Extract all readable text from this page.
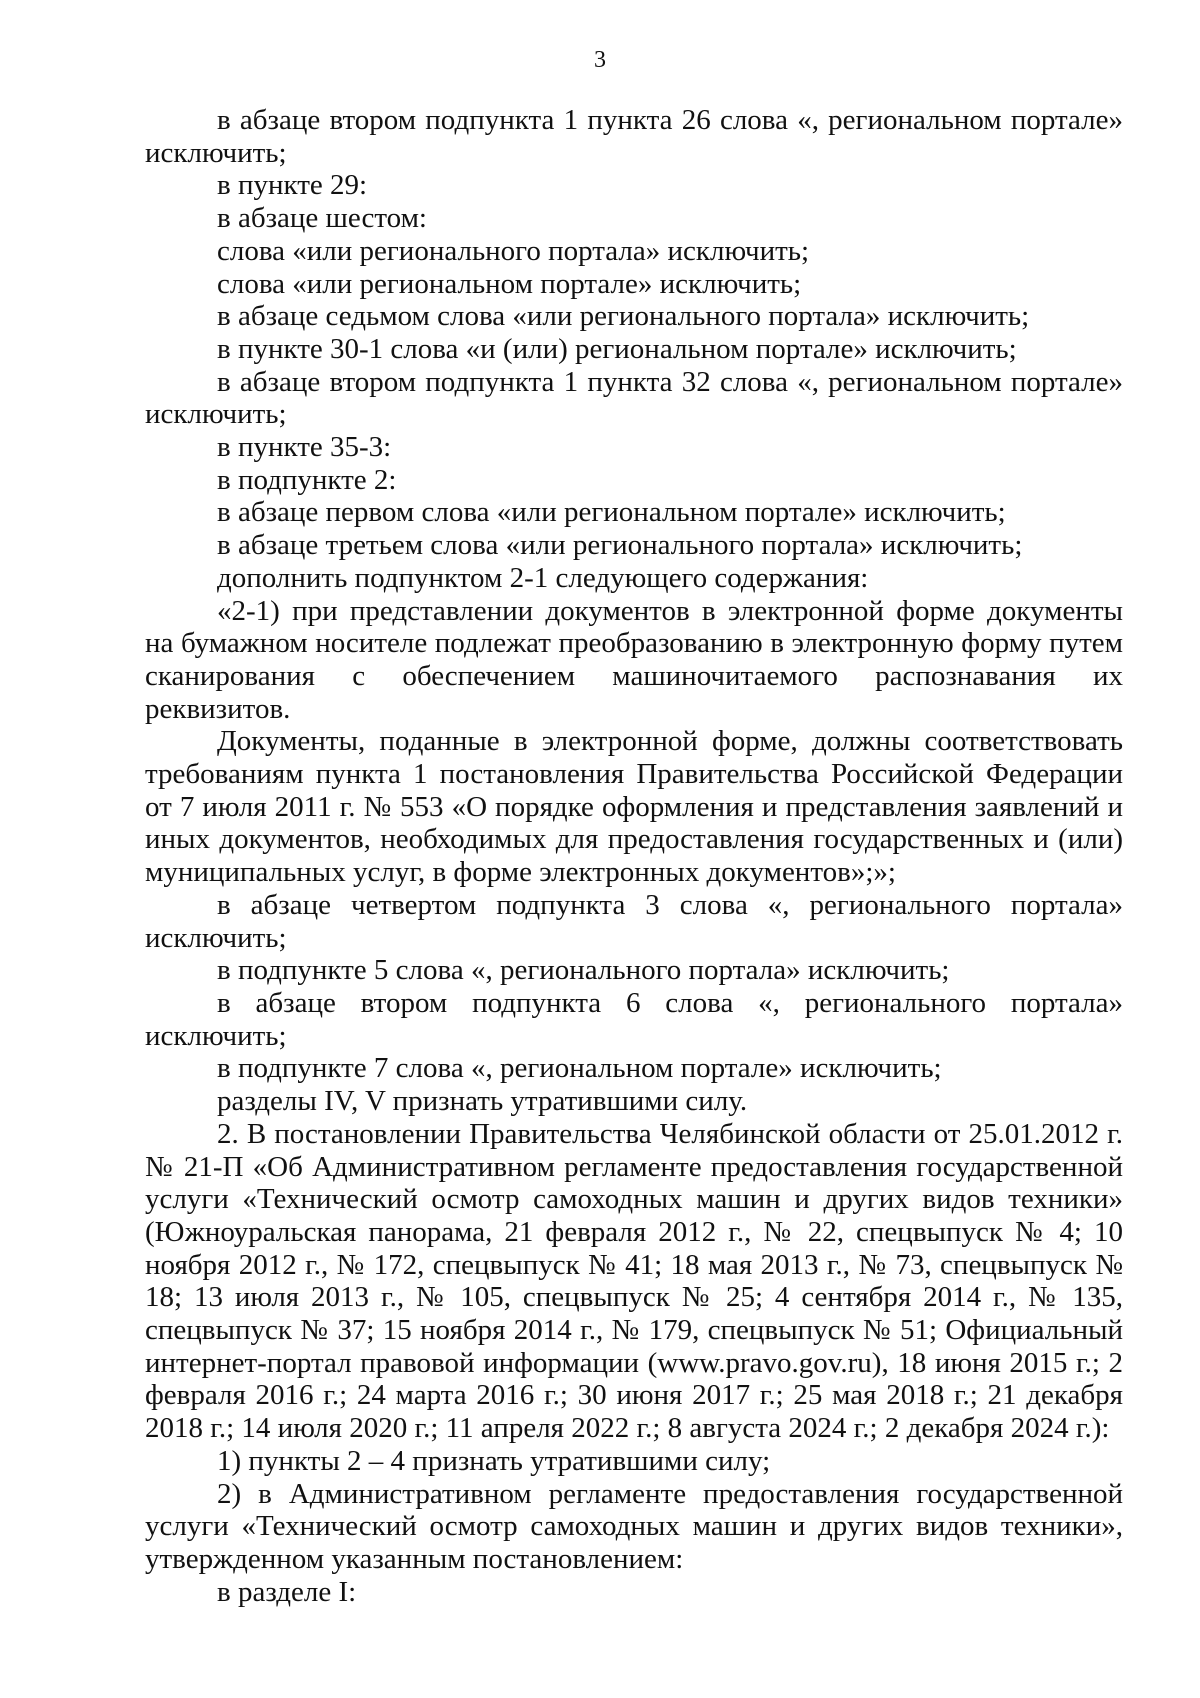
3

в абзаце втором подпункта 1 пункта 26 слова «, региональном портале» исключить;

в пункте 29:

в абзаце шестом:

слова «или регионального портала» исключить;

слова «или региональном портале» исключить;

в абзаце седьмом слова «или регионального портала» исключить;

в пункте 30-1 слова «и (или) региональном портале» исключить;

в абзаце втором подпункта 1 пункта 32 слова «, региональном портале» исключить;

в пункте 35-3:

в подпункте 2:

в абзаце первом слова «или региональном портале» исключить;

в абзаце третьем слова «или регионального портала» исключить;

дополнить подпунктом 2-1 следующего содержания:

«2-1) при представлении документов в электронной форме документы на бумажном носителе подлежат преобразованию в электронную форму путем сканирования с обеспечением машиночитаемого распознавания их реквизитов.

Документы, поданные в электронной форме, должны соответствовать требованиям пункта 1 постановления Правительства Российской Федерации от 7 июля 2011 г. № 553 «О порядке оформления и представления заявлений и иных документов, необходимых для предоставления государственных и (или) муниципальных услуг, в форме электронных документов»;»;

в абзаце четвертом подпункта 3 слова «, регионального портала» исключить;

в подпункте 5 слова «, регионального портала» исключить;

в абзаце втором подпункта 6 слова «, регионального портала» исключить;

в подпункте 7 слова «, региональном портале» исключить;

разделы IV, V признать утратившими силу.

2. В постановлении Правительства Челябинской области от 25.01.2012 г. № 21-П «Об Административном регламенте предоставления государственной услуги «Технический осмотр самоходных машин и других видов техники» (Южноуральская панорама, 21 февраля 2012 г., № 22, спецвыпуск № 4; 10 ноября 2012 г., № 172, спецвыпуск № 41; 18 мая 2013 г., № 73, спецвыпуск № 18; 13 июля 2013 г., № 105, спецвыпуск № 25; 4 сентября 2014 г., № 135, спецвыпуск № 37; 15 ноября 2014 г., № 179, спецвыпуск № 51; Официальный интернет-портал правовой информации (www.pravo.gov.ru), 18 июня 2015 г.; 2 февраля 2016 г.; 24 марта 2016 г.; 30 июня 2017 г.; 25 мая 2018 г.; 21 декабря 2018 г.; 14 июля 2020 г.; 11 апреля 2022 г.; 8 августа 2024 г.; 2 декабря 2024 г.):

1) пункты 2 – 4 признать утратившими силу;

2) в Административном регламенте предоставления государственной услуги «Технический осмотр самоходных машин и других видов техники», утвержденном указанным постановлением:

в разделе I:
